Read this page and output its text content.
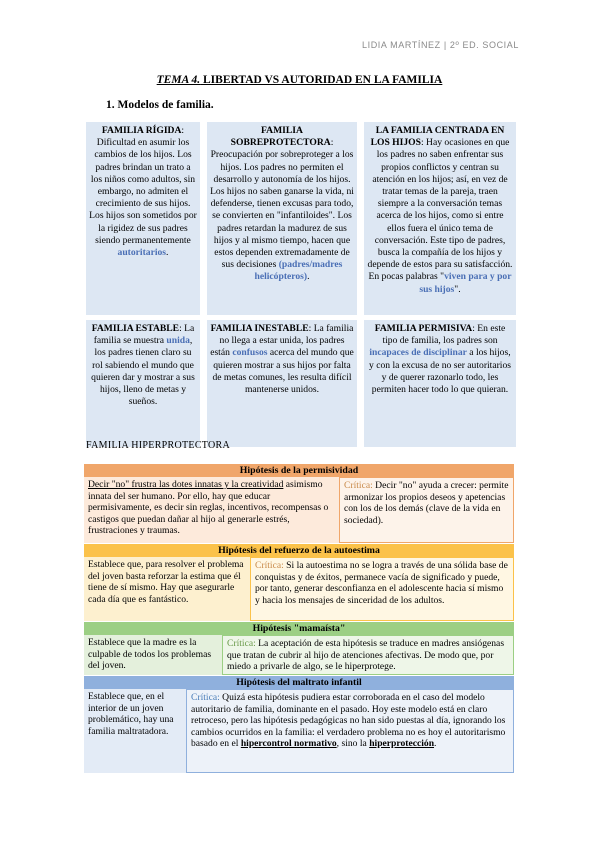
LIDIA MARTÍNEZ | 2º ED. SOCIAL
TEMA 4. LIBERTAD VS AUTORIDAD EN LA FAMILIA
1. Modelos de familia.
FAMILIA RÍGIDA: Dificultad en asumir los cambios de los hijos. Los padres brindan un trato a los niños como adultos, sin embargo, no admiten el crecimiento de sus hijos. Los hijos son sometidos por la rigidez de sus padres siendo permanentemente autoritarios.
FAMILIA SOBREPROTECTORA: Preocupación por sobreproteger a los hijos. Los padres no permiten el desarrollo y autonomía de los hijos. Los hijos no saben ganarse la vida, ni defenderse, tienen excusas para todo, se convierten en "infantiloides". Los padres retardan la madurez de sus hijos y al mismo tiempo, hacen que estos dependen extremadamente de sus decisiones (padres/madres helicópteros).
LA FAMILIA CENTRADA EN LOS HIJOS: Hay ocasiones en que los padres no saben enfrentar sus propios conflictos y centran su atención en los hijos; así, en vez de tratar temas de la pareja, traen siempre a la conversación temas acerca de los hijos, como si entre ellos fuera el único tema de conversación. Este tipo de padres, busca la compañía de los hijos y depende de estos para su satisfacción. En pocas palabras "viven para y por sus hijos".
FAMILIA ESTABLE: La familia se muestra unida, los padres tienen claro su rol sabiendo el mundo que quieren dar y mostrar a sus hijos, lleno de metas y sueños.
FAMILIA INESTABLE: La familia no llega a estar unida, los padres están confusos acerca del mundo que quieren mostrar a sus hijos por falta de metas comunes, les resulta difícil mantenerse unidos.
FAMILIA PERMISIVA: En este tipo de familia, los padres son incapaces de disciplinar a los hijos, y con la excusa de no ser autoritarios y de querer razonarlo todo, les permiten hacer todo lo que quieran.
FAMILIA HIPERPROTECTORA
Hipótesis de la permisividad
Decir "no" frustra las dotes innatas y la creatividad asimismo innata del ser humano. Por ello, hay que educar permisivamente, es decir sin reglas, incentivos, recompensas o castigos que puedan dañar al hijo al generarle estrés, frustraciones y traumas.
Crítica: Decir "no" ayuda a crecer: permite armonizar los propios deseos y apetencias con los de los demás (clave de la vida en sociedad).
Hipótesis del refuerzo de la autoestima
Establece que, para resolver el problema del joven basta reforzar la estima que él tiene de sí mismo. Hay que asegurarle cada día que es fantástico.
Crítica: Si la autoestima no se logra a través de una sólida base de conquistas y de éxitos, permanece vacía de significado y puede, por tanto, generar desconfianza en el adolescente hacia sí mismo y hacia los mensajes de sinceridad de los adultos.
Hipótesis "mamaísta"
Establece que la madre es la culpable de todos los problemas del joven.
Crítica: La aceptación de esta hipótesis se traduce en madres ansiógenas que tratan de cubrir al hijo de atenciones afectivas. De modo que, por miedo a privarle de algo, se le hiperprotege.
Hipótesis del maltrato infantil
Establece que, en el interior de un joven problemático, hay una familia maltratadora.
Crítica: Quizá esta hipótesis pudiera estar corroborada en el caso del modelo autoritario de familia, dominante en el pasado. Hoy este modelo está en claro retroceso, pero las hipótesis pedagógicas no han sido puestas al día, ignorando los cambios ocurridos en la familia: el verdadero problema no es hoy el autoritarismo basado en el hipercontrol normativo, sino la hiperprotección.
